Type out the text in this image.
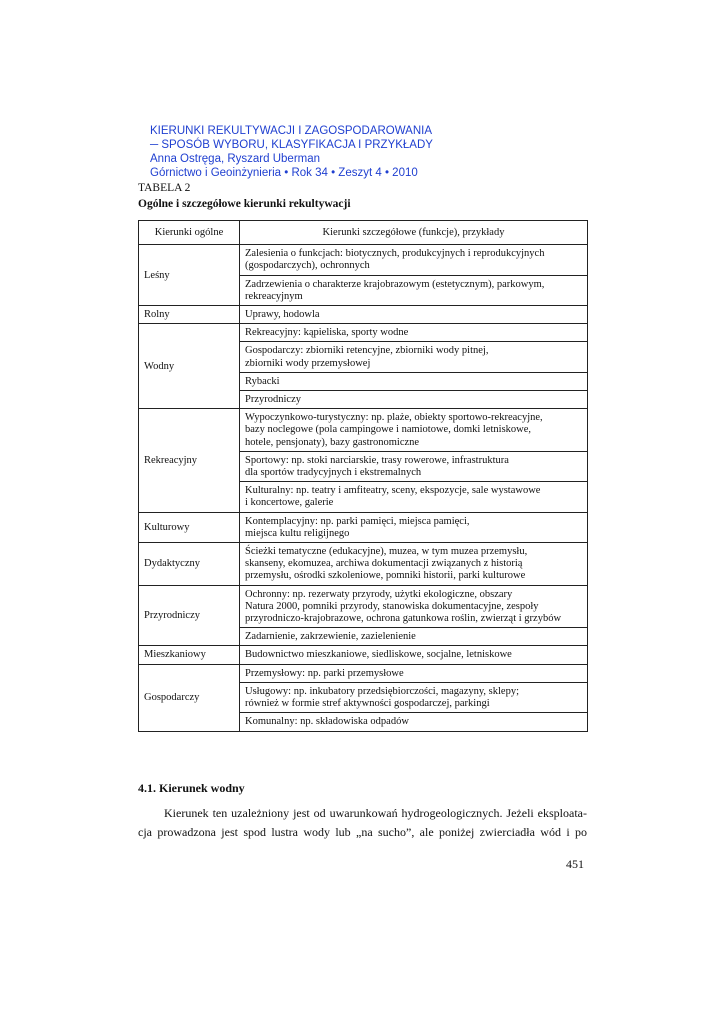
KIERUNKI REKULTYWACJI I ZAGOSPODAROWANIA
─ SPOSÓB WYBORU, KLASYFIKACJA I PRZYKŁADY
Anna Ostręga, Ryszard Uberman
Górnictwo i Geoinżynieria • Rok 34 • Zeszyt 4 • 2010
TABELA 2
Ogólne i szczegółowe kierunki rekultywacji
Kierunki ogólne	Kierunki szczegółowe (funkcje), przykłady
Leśny	Zalesienia o funkcjach: biotycznych, produkcyjnych i reprodukcyjnych
(gospodarczych), ochronnych
	Zadrzewienia o charakterze krajobrazowym (estetycznym), parkowym,
rekreacyjnym
Rolny	Uprawy, hodowla
Wodny	Rekreacyjny: kąpieliska, sporty wodne
	Gospodarczy: zbiorniki retencyjne, zbiorniki wody pitnej,
zbiorniki wody przemysłowej
	Rybacki
	Przyrodniczy
Rekreacyjny	Wypoczynkowo-turystyczny: np. plaże, obiekty sportowo-rekreacyjne,
bazy noclegowe (pola campingowe i namiotowe, domki letniskowe,
hotele, pensjonaty), bazy gastronomiczne
	Sportowy: np. stoki narciarskie, trasy rowerowe, infrastruktura
dla sportów tradycyjnych i ekstremalnych
	Kulturalny: np. teatry i amfiteatry, sceny, ekspozycje, sale wystawowe
i koncertowe, galerie
Kulturowy	Kontemplacyjny: np. parki pamięci, miejsca pamięci,
miejsca kultu religijnego
Dydaktyczny	Ścieżki tematyczne (edukacyjne), muzea, w tym muzea przemysłu,
skanseny, ekomuzea, archiwa dokumentacji związanych z historią
przemysłu, ośrodki szkoleniowe, pomniki historii, parki kulturowe
Przyrodniczy	Ochronny: np. rezerwaty przyrody, użytki ekologiczne, obszary
Natura 2000, pomniki przyrody, stanowiska dokumentacyjne, zespoły
przyrodniczo-krajobrazowe, ochrona gatunkowa roślin, zwierząt i grzybów
	Zadarnienie, zakrzewienie, zazielenienie
Mieszkaniowy	Budownictwo mieszkaniowe, siedliskowe, socjalne, letniskowe
Gospodarczy	Przemysłowy: np. parki przemysłowe
	Usługowy: np. inkubatory przedsiębiorczości, magazyny, sklepy;
również w formie stref aktywności gospodarczej, parkingi
	Komunalny: np. składowiska odpadów
4.1. Kierunek wodny
Kierunek ten uzależniony jest od uwarunkowań hydrogeologicznych. Jeżeli eksploata-
cja prowadzona jest spod lustra wody lub „na sucho”, ale poniżej zwierciadła wód i po
451
